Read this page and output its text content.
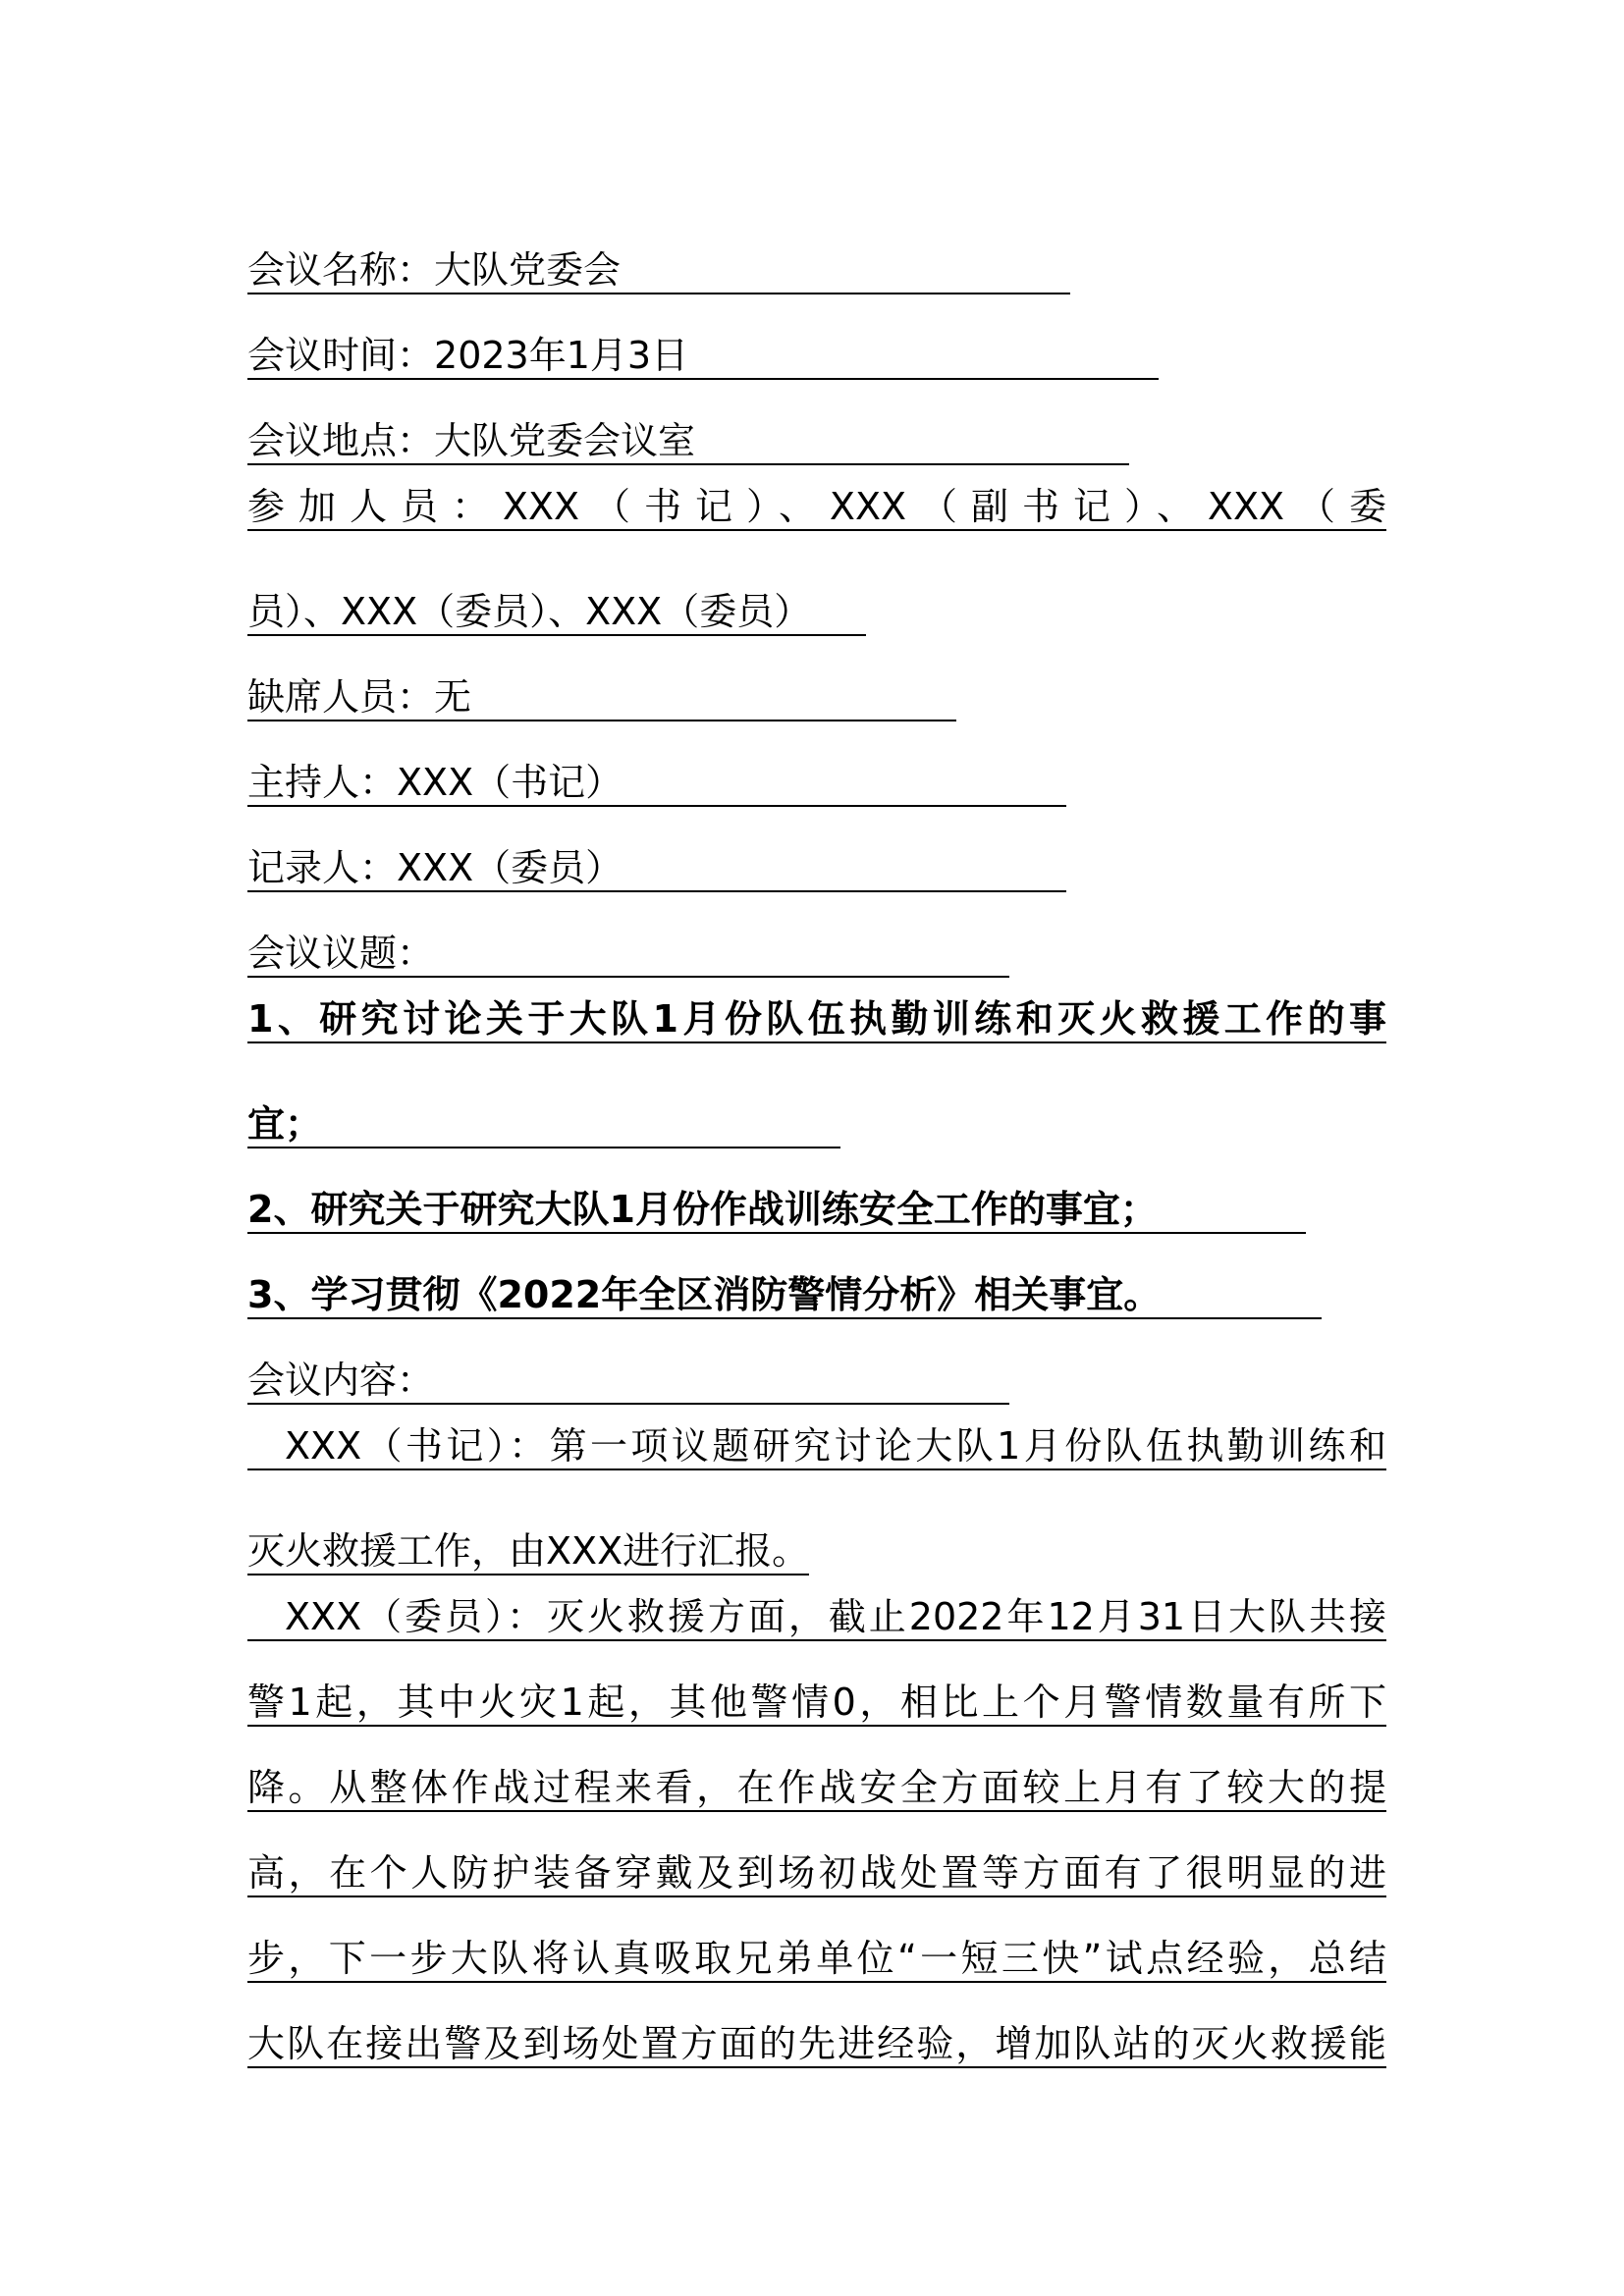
会议名称：大队党委会
会议时间：2023年1月3日
会议地点：大队党委会议室
参加人员：XXX（书记）、XXX（副书记）、XXX（委
员）、XXX（委员）、XXX（委员）
缺席人员：无
主持人：XXX（书记）
记录人：XXX（委员）
会议议题：
1、研究讨论关于大队1月份队伍执勤训练和灭火救援工作的事
宜；
2、研究关于研究大队1月份作战训练安全工作的事宜；
3、学习贯彻《2022年全区消防警情分析》相关事宜。
会议内容：
XXX（书记）：第一项议题研究讨论大队1月份队伍执勤训练和
灭火救援工作，由XXX进行汇报。
XXX（委员）：灭火救援方面，截止2022年12月31日大队共接
警1起，其中火灾1起，其他警情0，相比上个月警情数量有所下
降。从整体作战过程来看，在作战安全方面较上月有了较大的提
高，在个人防护装备穿戴及到场初战处置等方面有了很明显的进
步，下一步大队将认真吸取兄弟单位“一短三快”试点经验，总结
大队在接出警及到场处置方面的先进经验，增加队站的灭火救援能
